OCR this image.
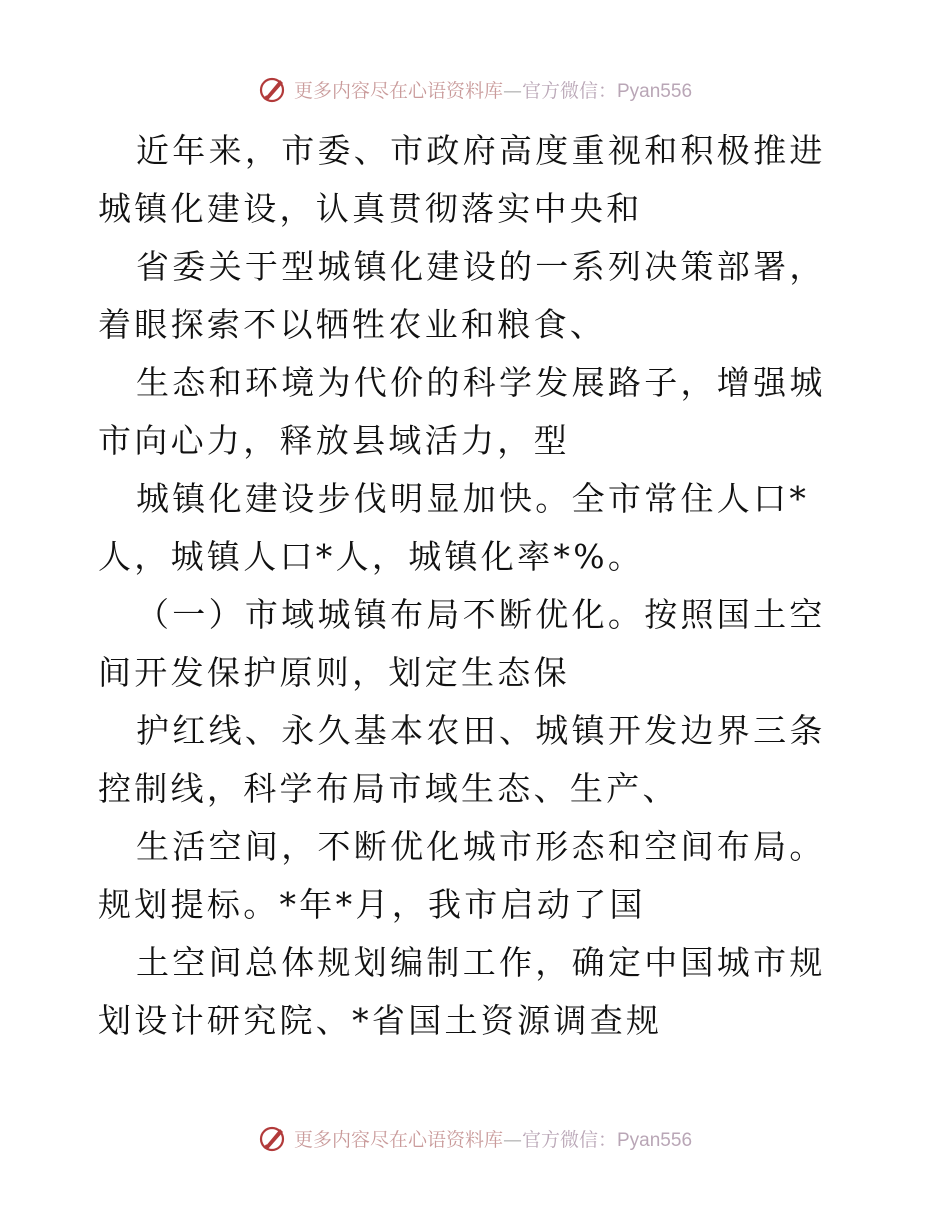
更多内容尽在心语资料库—官方微信：Pyan556

近年来，市委、市政府高度重视和积极推进城镇化建设，认真贯彻落实中央和

省委关于型城镇化建设的一系列决策部署，着眼探索不以牺牲农业和粮食、

生态和环境为代价的科学发展路子，增强城市向心力，释放县域活力，型

城镇化建设步伐明显加快。全市常住人口*人，城镇人口*人，城镇化率*%。

（一）市域城镇布局不断优化。按照国土空间开发保护原则，划定生态保

护红线、永久基本农田、城镇开发边界三条控制线，科学布局市域生态、生产、

生活空间，不断优化城市形态和空间布局。规划提标。*年*月，我市启动了国

土空间总体规划编制工作，确定中国城市规划设计研究院、*省国土资源调查规

更多内容尽在心语资料库—官方微信：Pyan556
